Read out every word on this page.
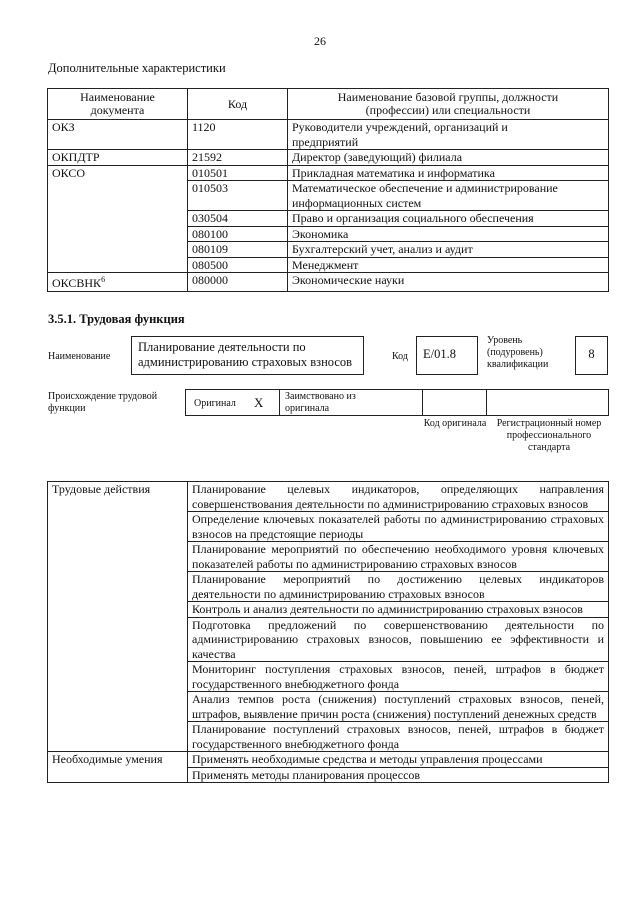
26
Дополнительные характеристики
Наименование документа	Код	Наименование базовой группы, должности (профессии) или специальности
ОКЗ	1120	Руководители учреждений, организаций и предприятий
ОКПДТР	21592	Директор (заведующий) филиала
ОКСО	010501	Прикладная математика и информатика
	010503	Математическое обеспечение и администрирование информационных систем
	030504	Право и организация социального обеспечения
	080100	Экономика
	080109	Бухгалтерский учет, анализ и аудит
	080500	Менеджмент
ОКСВНК$^6$	080000	Экономические науки
3.5.1. Трудовая функция
Наименование
Планирование деятельности по администрированию страховых взносов	Код	E/01.8
Уровень (подуровень) квалификации
8
Происхождение трудовой функции	Оригинал X Заимствовано из оригинала
Код оригинала	Регистрационный номер профессионального стандарта
Трудовые действия	Планирование целевых индикаторов, определяющих направления совершенствования деятельности по администрированию страховых взносов
	Определение ключевых показателей работы по администрированию страховых взносов на предстоящие периоды
	Планирование мероприятий по обеспечению необходимого уровня ключевых показателей работы по администрированию страховых взносов
	Планирование мероприятий по достижению целевых индикаторов деятельности по администрированию страховых взносов
	Контроль и анализ деятельности по администрированию страховых взносов
	Подготовка предложений по совершенствованию деятельности по администрированию страховых взносов, повышению ее эффективности и качества
	Мониторинг поступления страховых взносов, пеней, штрафов в бюджет государственного внебюджетного фонда
	Анализ темпов роста (снижения) поступлений страховых взносов, пеней, штрафов, выявление причин роста (снижения) поступлений денежных средств
	Планирование поступлений страховых взносов, пеней, штрафов в бюджет государственного внебюджетного фонда
Необходимые умения	Применять необходимые средства и методы управления процессами
	Применять методы планирования процессов
